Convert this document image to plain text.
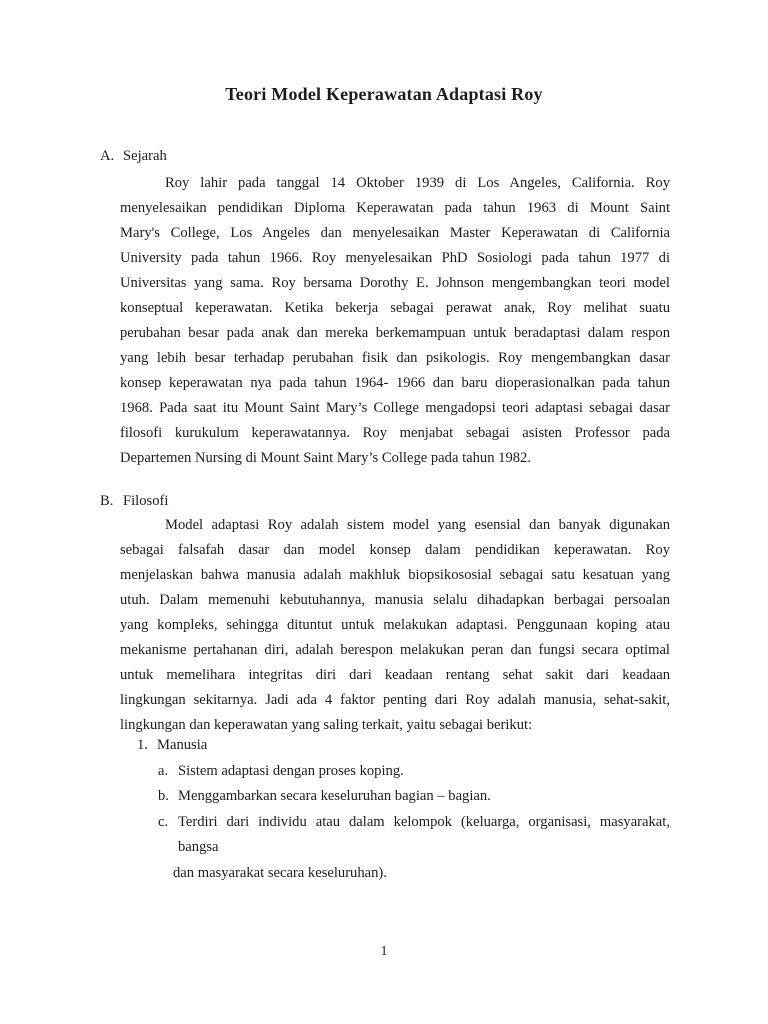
Teori Model Keperawatan Adaptasi Roy
A. Sejarah
Roy lahir pada tanggal 14 Oktober 1939 di Los Angeles, California. Roy
menyelesaikan pendidikan Diploma Keperawatan pada tahun 1963 di Mount Saint
Mary's College, Los Angeles dan menyelesaikan Master Keperawatan di California
University pada tahun 1966. Roy menyelesaikan PhD Sosiologi pada tahun 1977 di
Universitas yang sama. Roy bersama Dorothy E. Johnson mengembangkan teori model
konseptual keperawatan. Ketika bekerja sebagai perawat anak, Roy melihat suatu
perubahan besar pada anak dan mereka berkemampuan untuk beradaptasi dalam respon
yang lebih besar terhadap perubahan fisik dan psikologis. Roy mengembangkan dasar
konsep keperawatan nya pada tahun 1964- 1966 dan baru dioperasionalkan pada tahun
1968. Pada saat itu Mount Saint Mary’s College mengadopsi teori adaptasi sebagai dasar
filosofi kurukulum keperawatannya. Roy menjabat sebagai asisten Professor pada
Departemen Nursing di Mount Saint Mary’s College pada tahun 1982.
B. Filosofi
Model adaptasi Roy adalah sistem model yang esensial dan banyak digunakan
sebagai falsafah dasar dan model konsep dalam pendidikan keperawatan. Roy
menjelaskan bahwa manusia adalah makhluk biopsikososial sebagai satu kesatuan yang
utuh. Dalam memenuhi kebutuhannya, manusia selalu dihadapkan berbagai persoalan
yang kompleks, sehingga dituntut untuk melakukan adaptasi. Penggunaan koping atau
mekanisme pertahanan diri, adalah berespon melakukan peran dan fungsi secara optimal
untuk memelihara integritas diri dari keadaan rentang sehat sakit dari keadaan
lingkungan sekitarnya. Jadi ada 4 faktor penting dari Roy adalah manusia, sehat-sakit,
lingkungan dan keperawatan yang saling terkait, yaitu sebagai berikut:
1. Manusia
a. Sistem adaptasi dengan proses koping.
b. Menggambarkan secara keseluruhan bagian – bagian.
c. Terdiri dari individu atau dalam kelompok (keluarga, organisasi, masyarakat,
bangsa
dan masyarakat secara keseluruhan).
1
